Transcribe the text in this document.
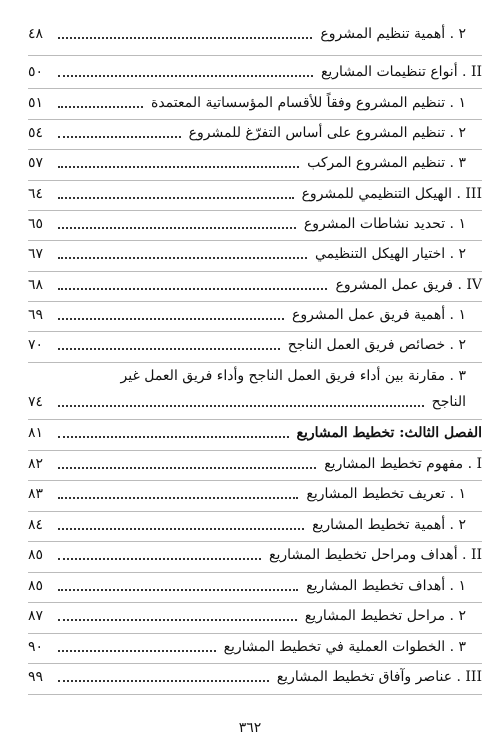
٢ . أهمية تنظيم المشروع
٤٨
II . أنواع تنظيمات المشاريع
٥٠
١ . تنظيم المشروع وفقاً للأقسام المؤسساتية المعتمدة
٥١
٢ . تنظيم المشروع على أساس التفرّغ للمشروع
٥٤
٣ . تنظيم المشروع المركب
٥٧
III . الهيكل التنظيمي للمشروع
٦٤
١ . تحديد نشاطات المشروع
٦٥
٢ . اختيار الهيكل التنظيمي
٦٧
IV . فريق عمل المشروع
٦٨
١ . أهمية فريق عمل المشروع
٦٩
٢ . خصائص فريق العمل الناجح
٧٠
٣ . مقارنة بين أداء فريق العمل الناجح وأداء فريق العمل غير
الناجح
٧٤
الفصل الثالث: تخطيط المشاريع
٨١
I . مفهوم تخطيط المشاريع
٨٢
١ . تعريف تخطيط المشاريع
٨٣
٢ . أهمية تخطيط المشاريع
٨٤
II . أهداف ومراحل تخطيط المشاريع
٨٥
١ . أهداف تخطيط المشاريع
٨٥
٢ . مراحل تخطيط المشاريع
٨٧
٣ . الخطوات العملية في تخطيط المشاريع
٩٠
III . عناصر وآفاق تخطيط المشاريع
٩٩
٣٦٢
